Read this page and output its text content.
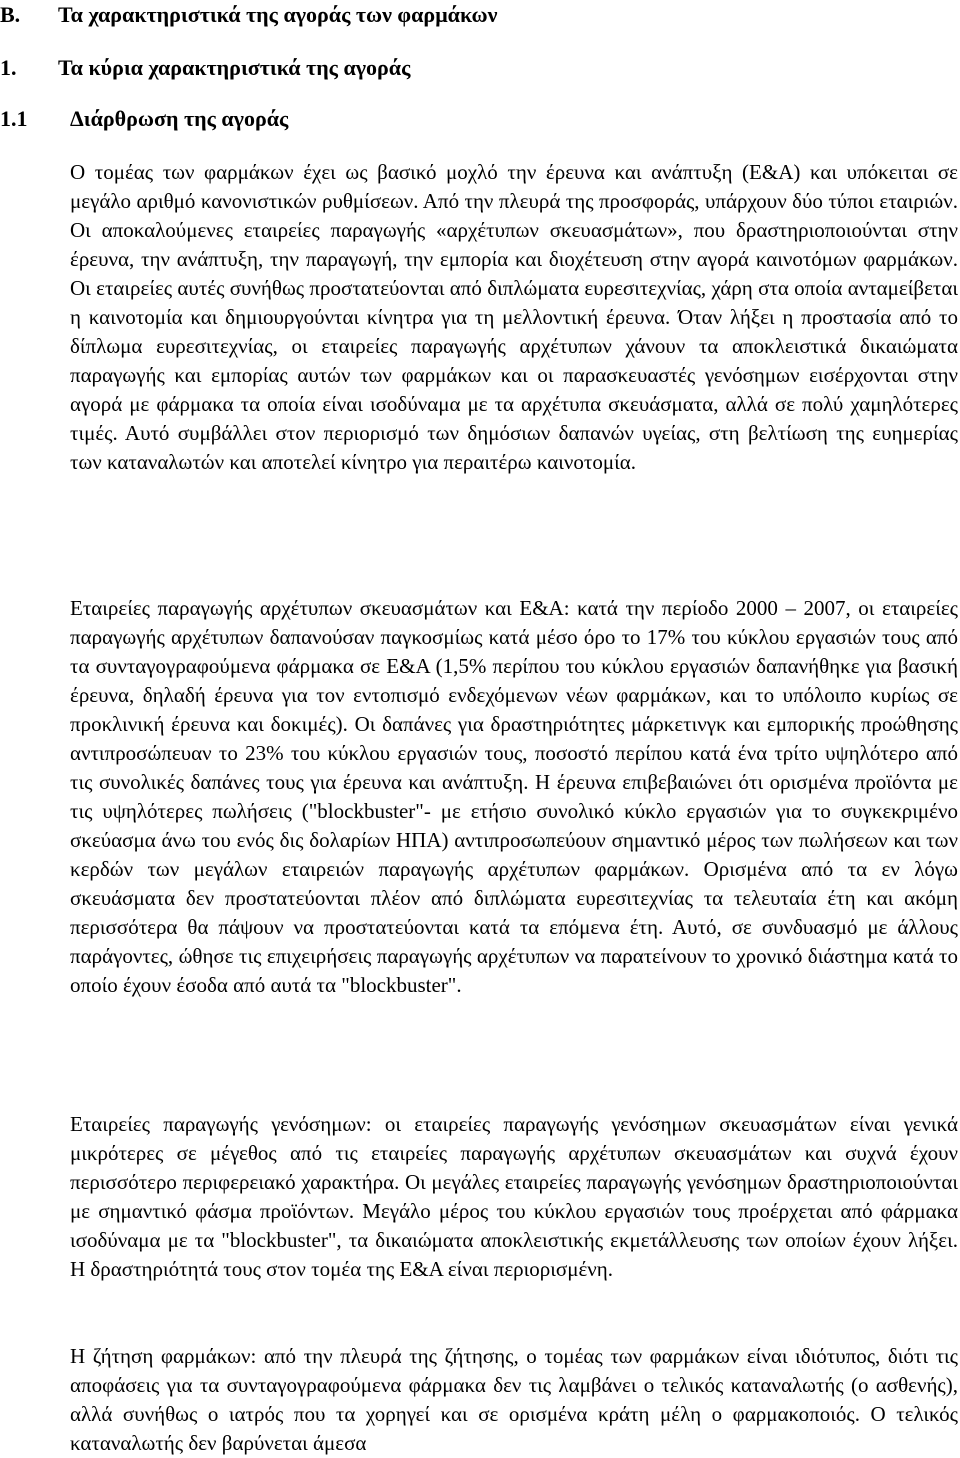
B. Τα χαρακτηριστικά της αγοράς των φαρμάκων
1. Τα κύρια χαρακτηριστικά της αγοράς
1.1 Διάρθρωση της αγοράς

Ο τομέας των φαρμάκων έχει ως βασικό μοχλό την έρευνα και ανάπτυξη (Ε&Α) και υπόκειται σε μεγάλο αριθμό κανονιστικών ρυθμίσεων. Από την πλευρά της προσφοράς, υπάρχουν δύο τύποι εταιριών. Οι αποκαλούμενες εταιρείες παραγωγής «αρχέτυπων σκευασμάτων», που δραστηριοποιούνται στην έρευνα, την ανάπτυξη, την παραγωγή, την εμπορία και διοχέτευση στην αγορά καινοτόμων φαρμάκων. Οι εταιρείες αυτές συνήθως προστατεύονται από διπλώματα ευρεσιτεχνίας, χάρη στα οποία ανταμείβεται η καινοτομία και δημιουργούνται κίνητρα για τη μελλοντική έρευνα. Όταν λήξει η προστασία από το δίπλωμα ευρεσιτεχνίας, οι εταιρείες παραγωγής αρχέτυπων χάνουν τα αποκλειστικά δικαιώματα παραγωγής και εμπορίας αυτών των φαρμάκων και οι παρασκευαστές γενόσημων εισέρχονται στην αγορά με φάρμακα τα οποία είναι ισοδύναμα με τα αρχέτυπα σκευάσματα, αλλά σε πολύ χαμηλότερες τιμές. Αυτό συμβάλλει στον περιορισμό των δημόσιων δαπανών υγείας, στη βελτίωση της ευημερίας των καταναλωτών και αποτελεί κίνητρο για περαιτέρω καινοτομία.

Εταιρείες παραγωγής αρχέτυπων σκευασμάτων και Ε&Α: κατά την περίοδο 2000 – 2007, οι εταιρείες παραγωγής αρχέτυπων δαπανούσαν παγκοσμίως κατά μέσο όρο το 17% του κύκλου εργασιών τους από τα συνταγογραφούμενα φάρμακα σε Ε&Α (1,5% περίπου του κύκλου εργασιών δαπανήθηκε για βασική έρευνα, δηλαδή έρευνα για τον εντοπισμό ενδεχόμενων νέων φαρμάκων, και το υπόλοιπο κυρίως σε προκλινική έρευνα και δοκιμές). Οι δαπάνες για δραστηριότητες μάρκετινγκ και εμπορικής προώθησης αντιπροσώπευαν το 23% του κύκλου εργασιών τους, ποσοστό περίπου κατά ένα τρίτο υψηλότερο από τις συνολικές δαπάνες τους για έρευνα και ανάπτυξη. Η έρευνα επιβεβαιώνει ότι ορισμένα προϊόντα με τις υψηλότερες πωλήσεις ("blockbuster"- με ετήσιο συνολικό κύκλο εργασιών για το συγκεκριμένο σκεύασμα άνω του ενός δις δολαρίων ΗΠΑ) αντιπροσωπεύουν σημαντικό μέρος των πωλήσεων και των κερδών των μεγάλων εταιρειών παραγωγής αρχέτυπων φαρμάκων. Ορισμένα από τα εν λόγω σκευάσματα δεν προστατεύονται πλέον από διπλώματα ευρεσιτεχνίας τα τελευταία έτη και ακόμη περισσότερα θα πάψουν να προστατεύονται κατά τα επόμενα έτη. Αυτό, σε συνδυασμό με άλλους παράγοντες, ώθησε τις επιχειρήσεις παραγωγής αρχέτυπων να παρατείνουν το χρονικό διάστημα κατά το οποίο έχουν έσοδα από αυτά τα "blockbuster".

Εταιρείες παραγωγής γενόσημων: οι εταιρείες παραγωγής γενόσημων σκευασμάτων είναι γενικά μικρότερες σε μέγεθος από τις εταιρείες παραγωγής αρχέτυπων σκευασμάτων και συχνά έχουν περισσότερο περιφερειακό χαρακτήρα. Οι μεγάλες εταιρείες παραγωγής γενόσημων δραστηριοποιούνται με σημαντικό φάσμα προϊόντων. Μεγάλο μέρος του κύκλου εργασιών τους προέρχεται από φάρμακα ισοδύναμα με τα "blockbuster", τα δικαιώματα αποκλειστικής εκμετάλλευσης των οποίων έχουν λήξει. Η δραστηριότητά τους στον τομέα της Ε&Α είναι περιορισμένη.

Η ζήτηση φαρμάκων: από την πλευρά της ζήτησης, ο τομέας των φαρμάκων είναι ιδιότυπος, διότι τις αποφάσεις για τα συνταγογραφούμενα φάρμακα δεν τις λαμβάνει ο τελικός καταναλωτής (ο ασθενής), αλλά συνήθως ο ιατρός που τα χορηγεί και σε ορισμένα κράτη μέλη ο φαρμακοποιός. Ο τελικός καταναλωτής δεν βαρύνεται άμεσα
